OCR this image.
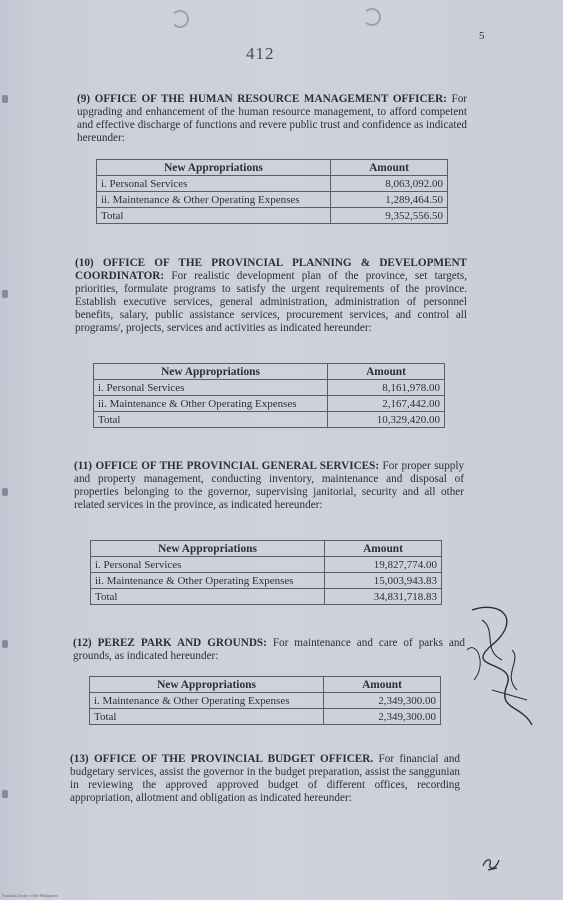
5
412

(9) OFFICE OF THE HUMAN RESOURCE MANAGEMENT OFFICER: For upgrading and enhancement of the human resource management, to afford competent and effective discharge of functions and revere public trust and confidence as indicated hereunder:

New Appropriations	Amount
i. Personal Services	8,063,092.00
ii. Maintenance & Other Operating Expenses	1,289,464.50
Total	9,352,556.50

(10) OFFICE OF THE PROVINCIAL PLANNING & DEVELOPMENT COORDINATOR: For realistic development plan of the province, set targets, priorities, formulate programs to satisfy the urgent requirements of the province. Establish executive services, general administration, administration of personnel benefits, salary, public assistance services, procurement services, and control all programs/, projects, services and activities as indicated hereunder:

New Appropriations	Amount
i. Personal Services	8,161,978.00
ii. Maintenance & Other Operating Expenses	2,167,442.00
Total	10,329,420.00

(11) OFFICE OF THE PROVINCIAL GENERAL SERVICES: For proper supply and property management, conducting inventory, maintenance and disposal of properties belonging to the governor, supervising janitorial, security and all other related services in the province, as indicated hereunder:

New Appropriations	Amount
i. Personal Services	19,827,774.00
ii. Maintenance & Other Operating Expenses	15,003,943.83
Total	34,831,718.83

(12) PEREZ PARK AND GROUNDS: For maintenance and care of parks and grounds, as indicated hereunder:

New Appropriations	Amount
i. Maintenance & Other Operating Expenses	2,349,300.00
Total	2,349,300.00

(13) OFFICE OF THE PROVINCIAL BUDGET OFFICER. For financial and budgetary services, assist the governor in the budget preparation, assist the sanggunian in reviewing the approved approved budget of different offices, recording appropriation, allotment and obligation as indicated hereunder:

National Library of the Philippines
